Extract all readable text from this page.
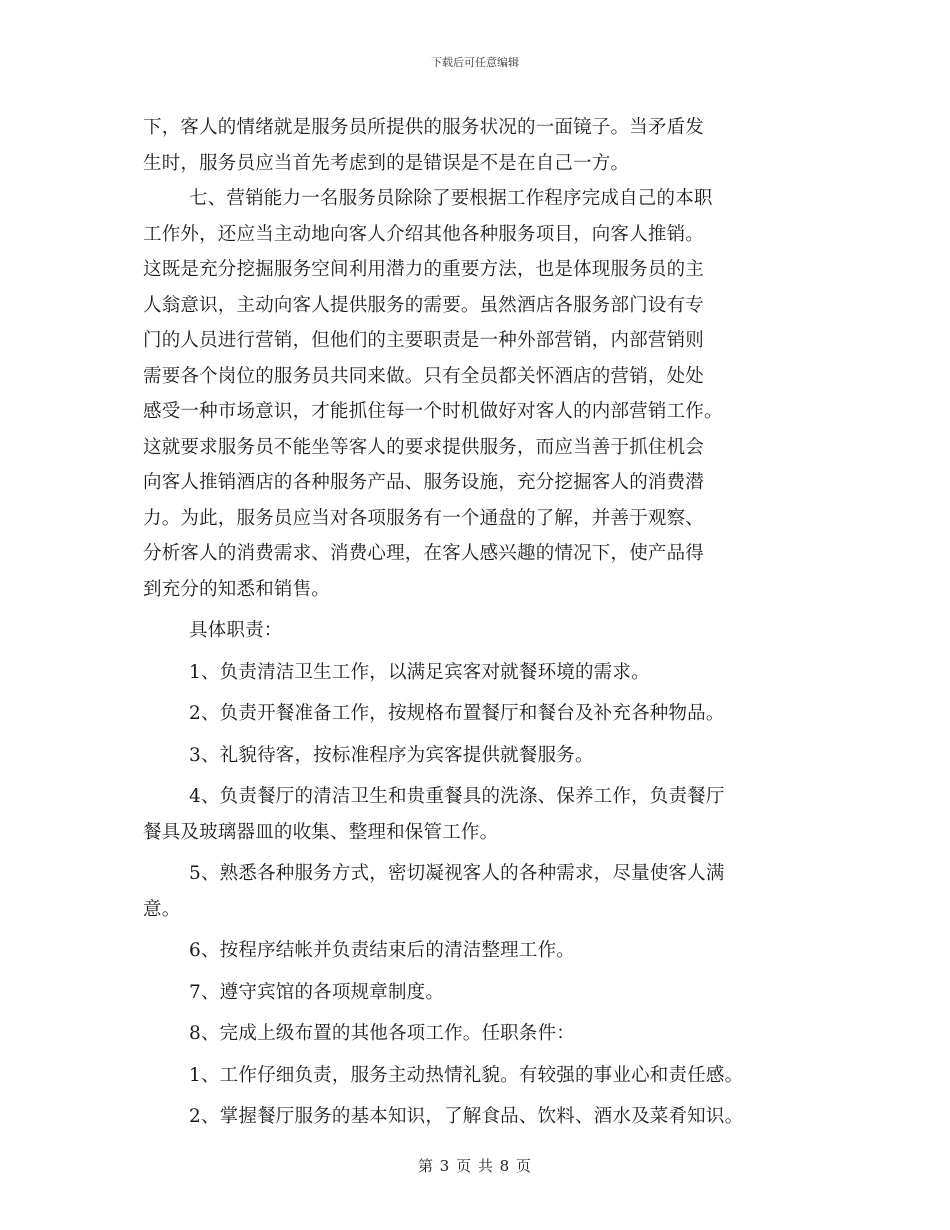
下载后可任意编辑
下，客人的情绪就是服务员所提供的服务状况的一面镜子。当矛盾发
生时，服务员应当首先考虑到的是错误是不是在自己一方。
七、营销能力一名服务员除除了要根据工作程序完成自己的本职
工作外，还应当主动地向客人介绍其他各种服务项目，向客人推销。
这既是充分挖掘服务空间利用潜力的重要方法，也是体现服务员的主
人翁意识，主动向客人提供服务的需要。虽然酒店各服务部门设有专
门的人员进行营销，但他们的主要职责是一种外部营销，内部营销则
需要各个岗位的服务员共同来做。只有全员都关怀酒店的营销，处处
感受一种市场意识，才能抓住每一个时机做好对客人的内部营销工作。
这就要求服务员不能坐等客人的要求提供服务，而应当善于抓住机会
向客人推销酒店的各种服务产品、服务设施，充分挖掘客人的消费潜
力。为此，服务员应当对各项服务有一个通盘的了解，并善于观察、
分析客人的消费需求、消费心理，在客人感兴趣的情况下，使产品得
到充分的知悉和销售。
具体职责：
1、负责清洁卫生工作，以满足宾客对就餐环境的需求。
2、负责开餐准备工作，按规格布置餐厅和餐台及补充各种物品。
3、礼貌待客，按标准程序为宾客提供就餐服务。
4、负责餐厅的清洁卫生和贵重餐具的洗涤、保养工作，负责餐厅
餐具及玻璃器皿的收集、整理和保管工作。
5、熟悉各种服务方式，密切凝视客人的各种需求，尽量使客人满
意。
6、按程序结帐并负责结束后的清洁整理工作。
7、遵守宾馆的各项规章制度。
8、完成上级布置的其他各项工作。任职条件：
1、工作仔细负责，服务主动热情礼貌。有较强的事业心和责任感。
2、掌握餐厅服务的基本知识，了解食品、饮料、酒水及菜肴知识。
第 3 页 共 8 页
